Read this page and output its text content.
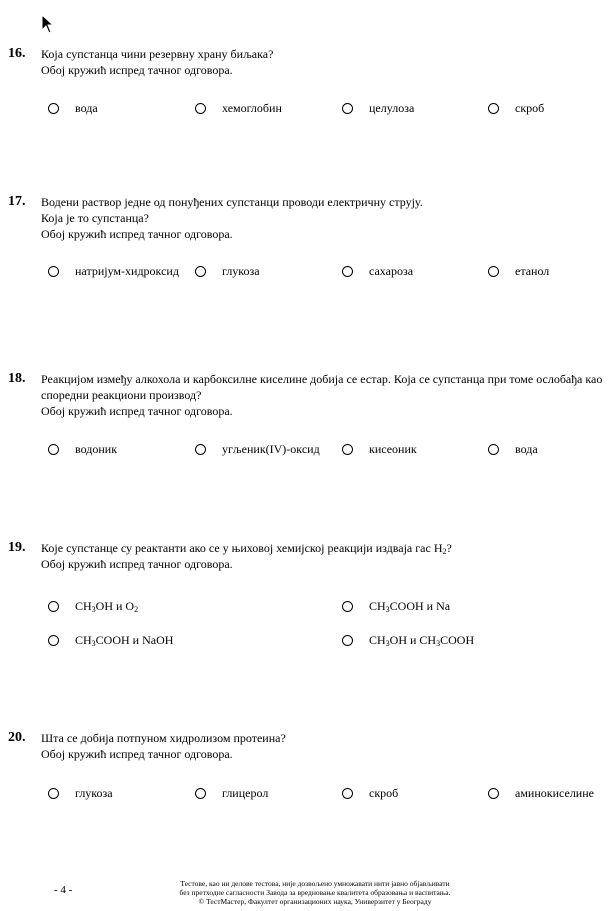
16. Која супстанца чини резервну храну биљака?
Обој кружић испред тачног одговора.
вода	хемоглобин	целулоза	скроб
17. Водени раствор једне од понуђених супстанци проводи електричну струју.
Која је то супстанца?
Обој кружић испред тачног одговора.
натријум-хидроксид	глукоза	сахароза	етанол
18. Реакцијом између алкохола и карбоксилне киселине добија се естар. Која се супстанца при томе ослобађа као
споредни реакциони производ?
Обој кружић испред тачног одговора.
водоник	угљеник(IV)-оксид	кисеоник	вода
19. Које супстанце су реактанти ако се у њиховој хемијској реакцији издваја гас $H_2$?
Обој кружић испред тачног одговора.
$CH_3OH$ и $O_2$	$CH_3COOH$ и Na
$CH_3COOH$ и NaOH	$CH_3OH$ и $CH_3COOH$
20. Шта се добија потпуном хидролизом протеина?
Обој кружић испред тачног одговора.
глукоза	глицерол	скроб	аминокиселине
- 4 -
Тестове, као ни делове тестова, није дозвољено умножавати нити јавно објављивати
без претходне сагласности Завода за вредновање квалитета образовања и васпитања.
© ТестМастер, Факултет организационих наука, Универзитет у Београду
